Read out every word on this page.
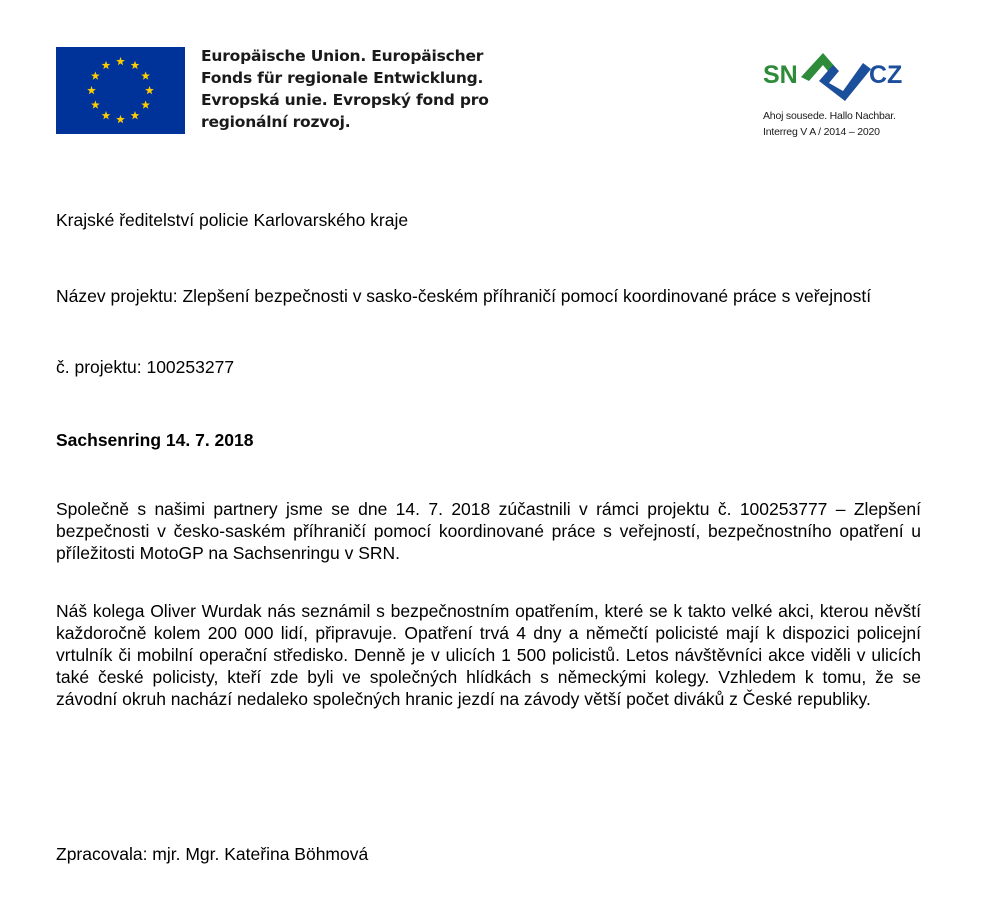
Europäische Union. Europäischer
Fonds für regionale Entwicklung.
Evropská unie. Evropský fond pro
regionální rozvoj.
SN	CZ
Ahoj sousede. Hallo Nachbar.
Interreg V A / 2014 – 2020

Krajské ředitelství policie Karlovarského kraje

Název projektu: Zlepšení bezpečnosti v sasko-českém příhraničí pomocí koordinované práce s veřejností

č. projektu: 100253277

Sachsenring 14. 7. 2018

Společně s našimi partnery jsme se dne 14. 7. 2018 zúčastnili v rámci projektu č. 100253777 – Zlepšení bezpečnosti v česko-saském příhraničí pomocí koordinované práce s veřejností, bezpečnostního opatření u příležitosti MotoGP na Sachsenringu v SRN.

Náš kolega Oliver Wurdak nás seznámil s bezpečnostním opatřením, které se k takto velké akci, kterou něvští každoročně kolem 200 000 lidí, připravuje. Opatření trvá 4 dny a němečtí policisté mají k dispozici policejní vrtulník či mobilní operační středisko. Denně je v ulicích 1 500 policistů. Letos návštěvníci akce viděli v ulicích také české policisty, kteří zde byli ve společných hlídkách s německými kolegy. Vzhledem k tomu, že se závodní okruh nachází nedaleko společných hranic jezdí na závody větší počet diváků z České republiky.

Zpracovala: mjr. Mgr. Kateřina Böhmová
